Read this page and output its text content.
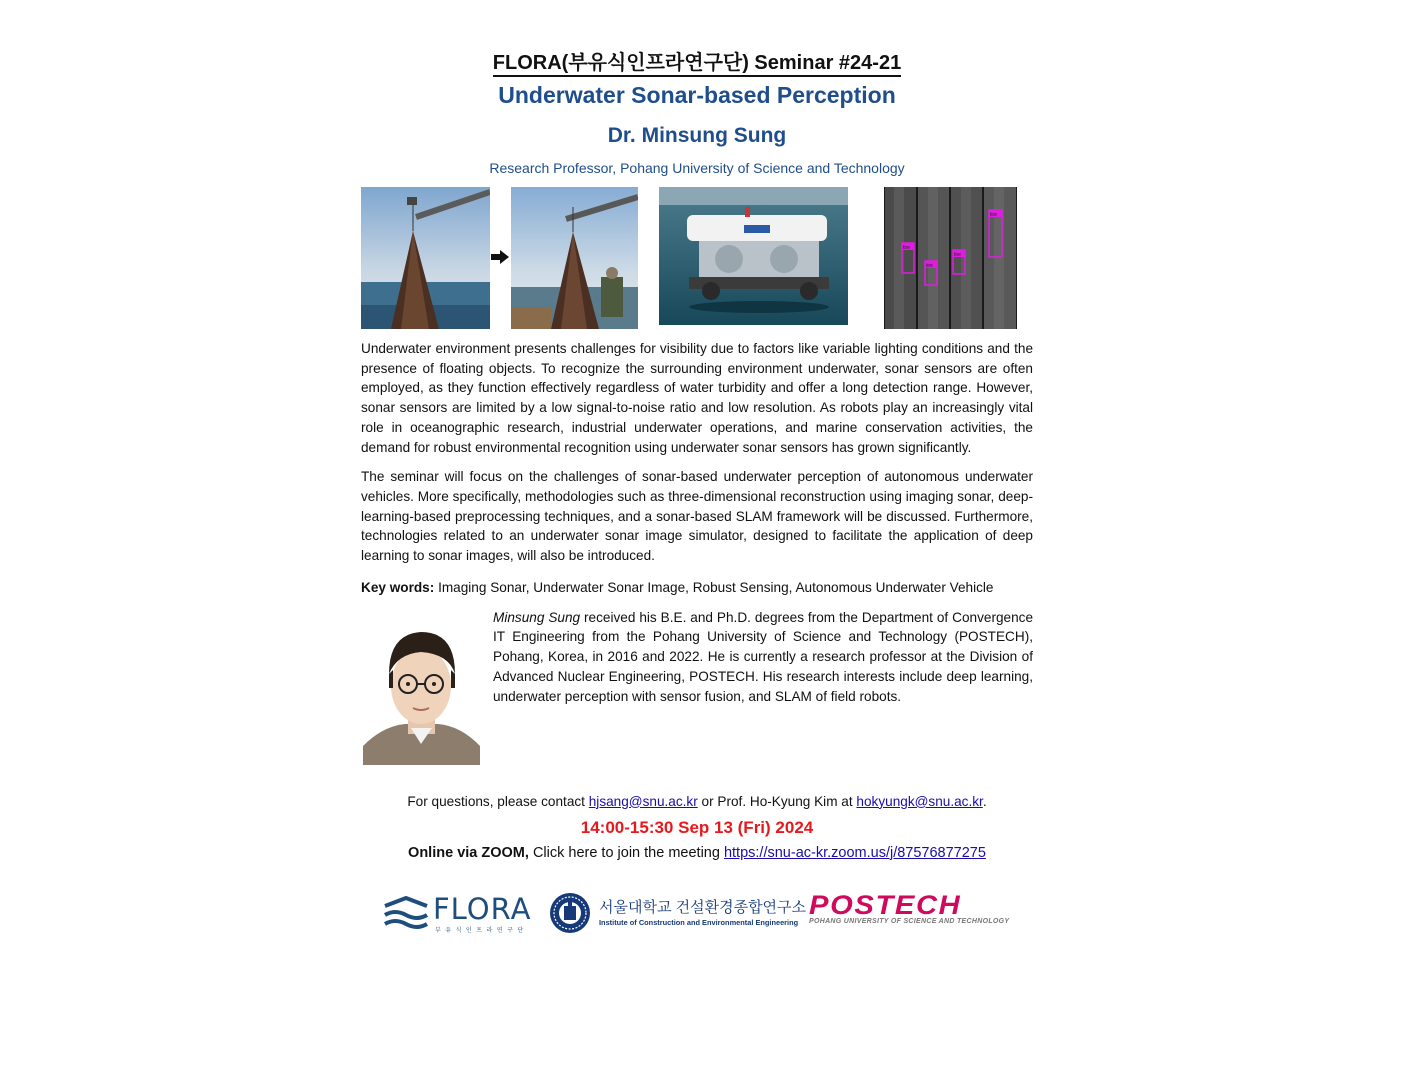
FLORA(부유식인프라연구단) Seminar #24-21
Underwater Sonar-based Perception
Dr. Minsung Sung
Research Professor, Pohang University of Science and Technology
tire
tire
tire
tire

Underwater environment presents challenges for visibility due to factors like variable lighting conditions and the presence of floating objects. To recognize the surrounding environment underwater, sonar sensors are often employed, as they function effectively regardless of water turbidity and offer a long detection range. However, sonar sensors are limited by a low signal-to-noise ratio and low resolution. As robots play an increasingly vital role in oceanographic research, industrial underwater operations, and marine conservation activities, the demand for robust environmental recognition using underwater sonar sensors has grown significantly.

The seminar will focus on the challenges of sonar-based underwater perception of autonomous underwater vehicles. More specifically, methodologies such as three-dimensional reconstruction using imaging sonar, deep-learning-based preprocessing techniques, and a sonar-based SLAM framework will be discussed. Furthermore, technologies related to an underwater sonar image simulator, designed to facilitate the application of deep learning to sonar images, will also be introduced.

Key words: Imaging Sonar, Underwater Sonar Image, Robust Sensing, Autonomous Underwater Vehicle
Minsung Sung received his B.E. and Ph.D. degrees from the Department of Convergence IT Engineering from the Pohang University of Science and Technology (POSTECH), Pohang, Korea, in 2016 and 2022. He is currently a research professor at the Division of Advanced Nuclear Engineering, POSTECH. His research interests include deep learning, underwater perception with sensor fusion, and SLAM of field robots.
For questions, please contact hjsang@snu.ac.kr or Prof. Ho-Kyung Kim at hokyungk@snu.ac.kr.
14:00-15:30 Sep 13 (Fri) 2024
Online via ZOOM, Click here to join the meeting https://snu-ac-kr.zoom.us/j/87576877275
FLORA
부유식인프라연구단
서울대학교 건설환경종합연구소
Institute of Construction and Environmental Engineering
POSTECH
POHANG UNIVERSITY OF SCIENCE AND TECHNOLOGY
